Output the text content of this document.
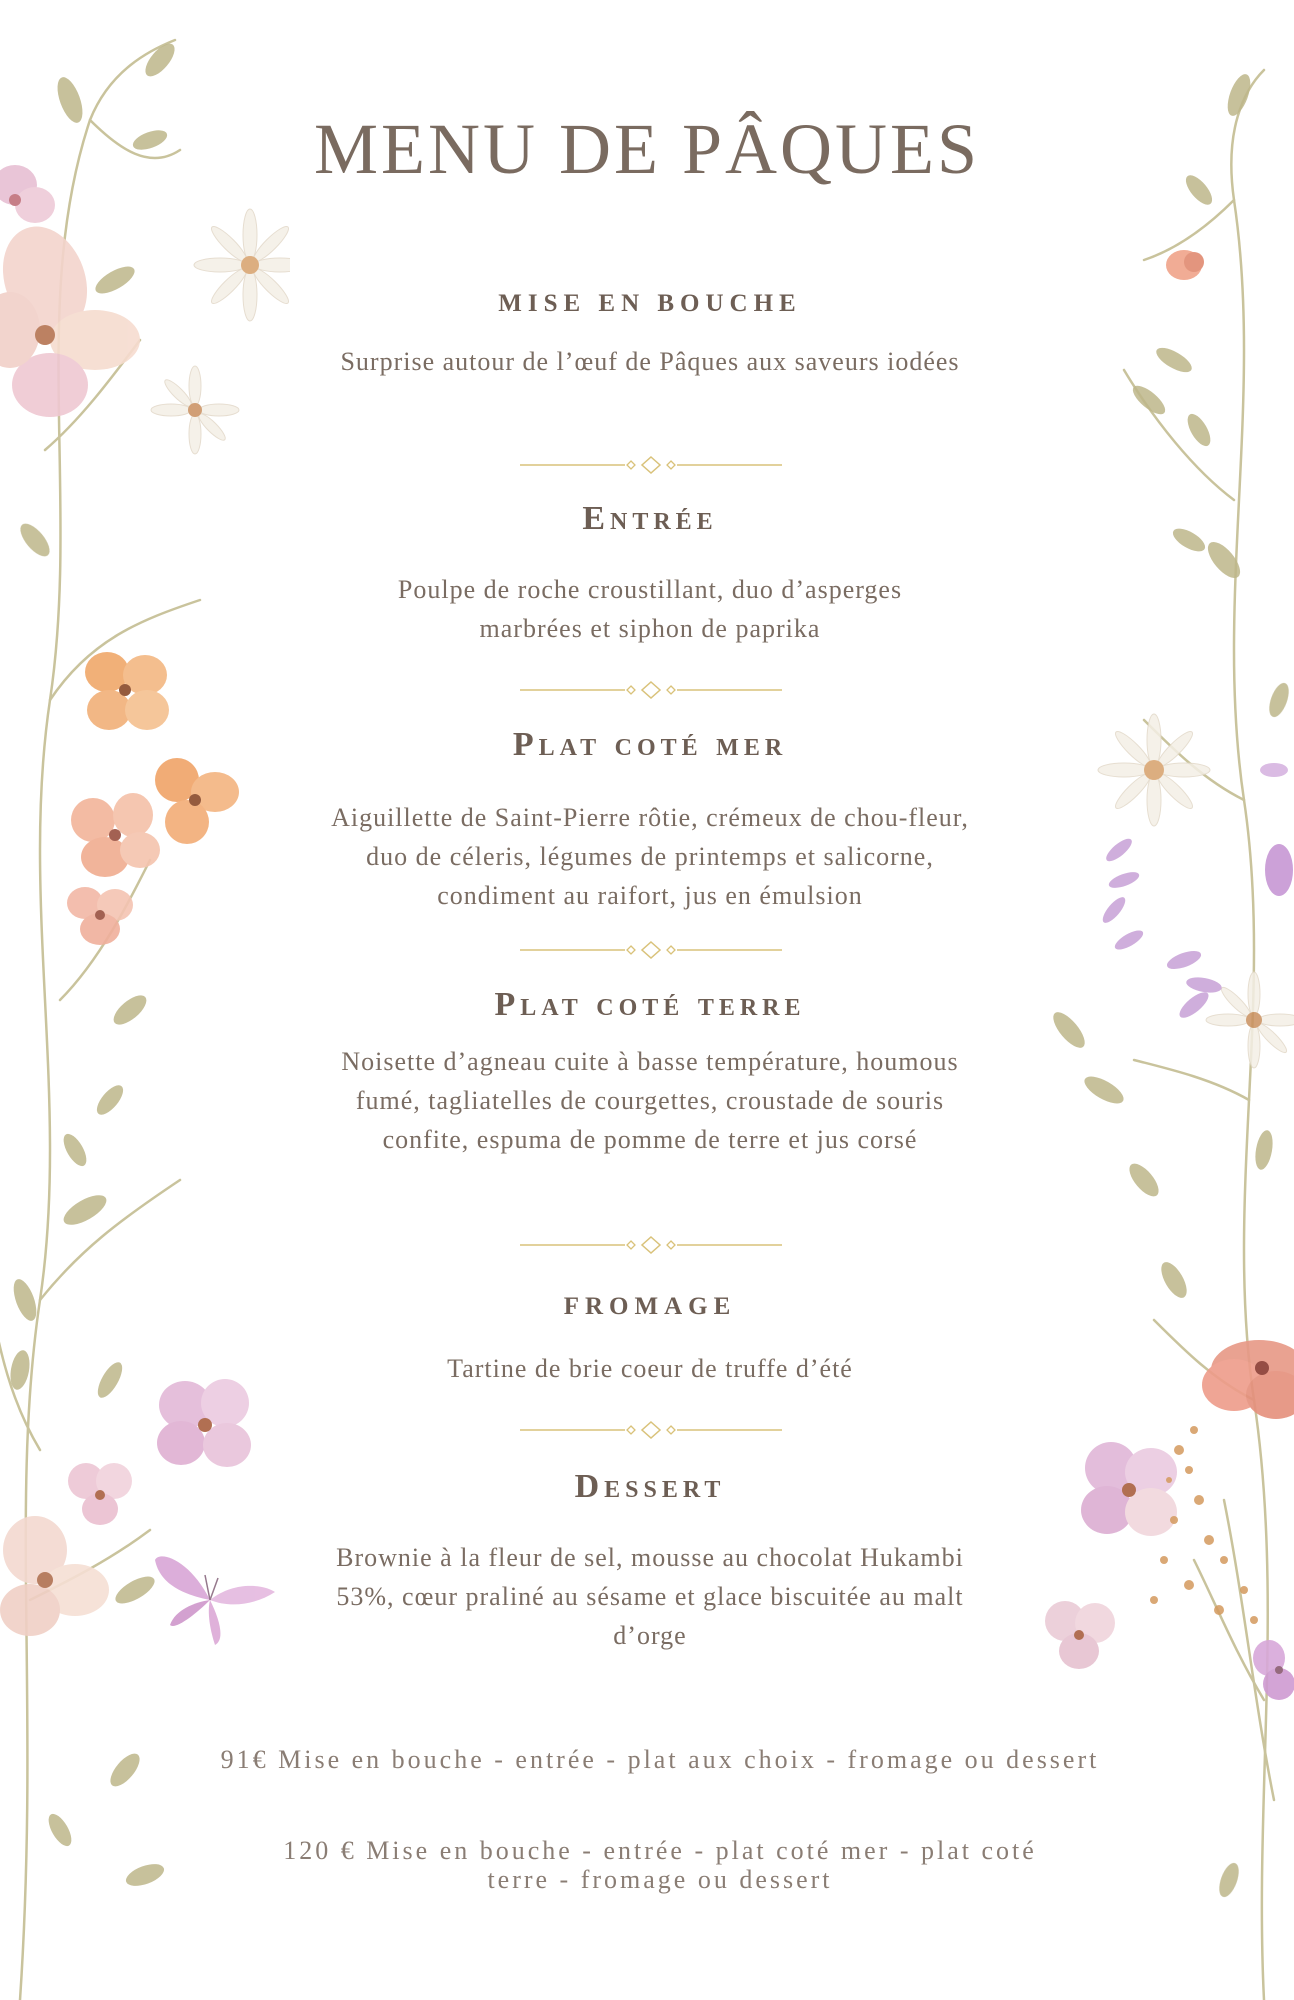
MENU DE PÂQUES
MISE EN BOUCHE

Surprise autour de l’œuf de Pâques aux saveurs iodées

Entrée

Poulpe de roche croustillant, duo d’asperges marbrées et siphon de paprika

Plat coté mer

Aiguillette de Saint-Pierre rôtie, crémeux de chou-fleur, duo de céleris, légumes de printemps et salicorne, condiment au raifort, jus en émulsion

Plat coté terre

Noisette d’agneau cuite à basse température, houmous fumé, tagliatelles de courgettes, croustade de souris confite, espuma de pomme de terre et jus corsé

FROMAGE

Tartine de brie coeur de truffe d’été

Dessert

Brownie à la fleur de sel, mousse au chocolat Hukambi 53%, cœur praliné au sésame et glace biscuitée au malt d’orge

91€ Mise en bouche - entrée - plat aux choix - fromage ou dessert

120 € Mise en bouche - entrée - plat coté mer - plat coté terre - fromage ou dessert
